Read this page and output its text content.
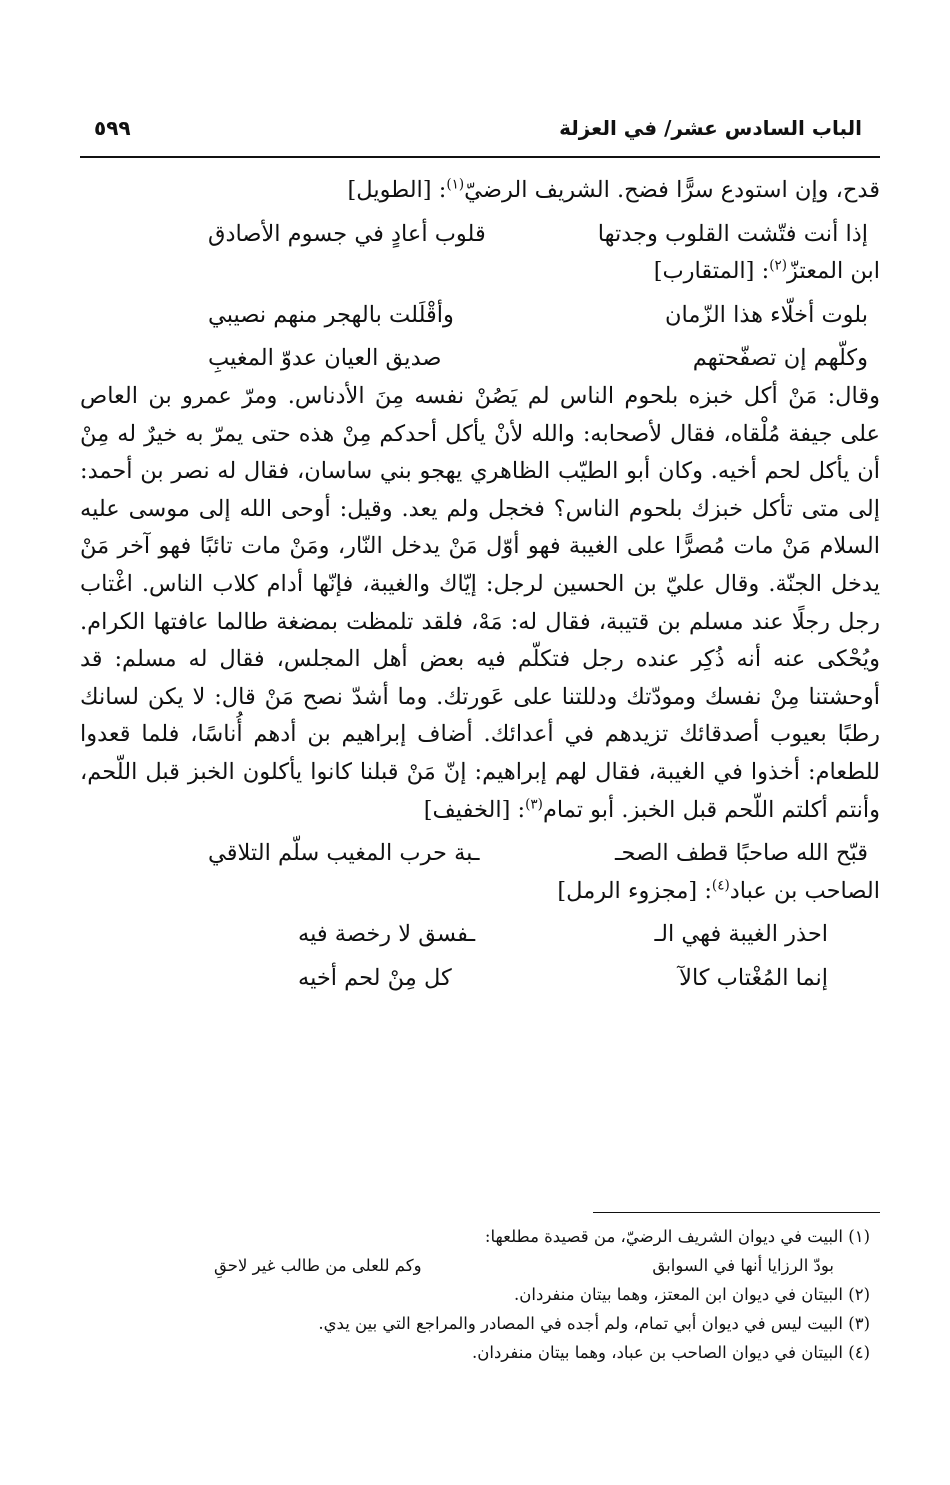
الباب السادس عشر/ في العزلة
٥٩٩

قدح، وإن استودع سرًّا فضح. الشريف الرضيّ$^{(١)}$: [الطويل]

إذا أنت فتّشت القلوب وجدتها
قلوب أعادٍ في جسوم الأصادق

ابن المعتزّ$^{(٢)}$: [المتقارب]

بلوت أخلّاء هذا الزّمان
وأقْلَلت بالهجر منهم نصيبي
وكلّهم إن تصفّحتهم
صديق العيان عدوّ المغيبِ

وقال: مَنْ أكل خبزه بلحوم الناس لم يَصُنْ نفسه مِنَ الأدناس. ومرّ عمرو بن العاص على جيفة مُلْقاه، فقال لأصحابه: والله لأنْ يأكل أحدكم مِنْ هذه حتى يمرّ به خيرٌ له مِنْ أن يأكل لحم أخيه. وكان أبو الطيّب الظاهري يهجو بني ساسان، فقال له نصر بن أحمد: إلى متى تأكل خبزك بلحوم الناس؟ فخجل ولم يعد. وقيل: أوحى الله إلى موسى عليه السلام مَنْ مات مُصرًّا على الغيبة فهو أوّل مَنْ يدخل النّار، ومَنْ مات تائبًا فهو آخر مَنْ يدخل الجنّة. وقال عليّ بن الحسين لرجل: إيّاك والغيبة، فإنّها أدام كلاب الناس. اغْتاب رجل رجلًا عند مسلم بن قتيبة، فقال له: مَهْ، فلقد تلمظت بمضغة طالما عافتها الكرام. ويُحْكى عنه أنه ذُكِر عنده رجل فتكلّم فيه بعض أهل المجلس، فقال له مسلم: قد أوحشتنا مِنْ نفسك ومودّتك ودللتنا على عَورتك. وما أشدّ نصح مَنْ قال: لا يكن لسانك رطبًا بعيوب أصدقائك تزيدهم في أعدائك. أضاف إبراهيم بن أدهم أُناسًا، فلما قعدوا للطعام: أخذوا في الغيبة، فقال لهم إبراهيم: إنّ مَنْ قبلنا كانوا يأكلون الخبز قبل اللّحم، وأنتم أكلتم اللّحم قبل الخبز. أبو تمام$^{(٣)}$: [الخفيف]

قبّح الله صاحبًا قطف الصحـ
ـبة حرب المغيب سلّم التلاقي

الصاحب بن عباد$^{(٤)}$: [مجزوء الرمل]

احذر الغيبة فهي الـ
ـفسق لا رخصة فيه
إنما المُغْتاب كالآ
كل مِنْ لحم أخيه
(١) البيت في ديوان الشريف الرضيّ، من قصيدة مطلعها:
بودّ الرزايا أنها في السوابق
وكم للعلى من طالب غير لاحقِ
(٢) البيتان في ديوان ابن المعتز، وهما بيتان منفردان.
(٣) البيت ليس في ديوان أبي تمام، ولم أجده في المصادر والمراجع التي بين يدي.
(٤) البيتان في ديوان الصاحب بن عباد، وهما بيتان منفردان.
